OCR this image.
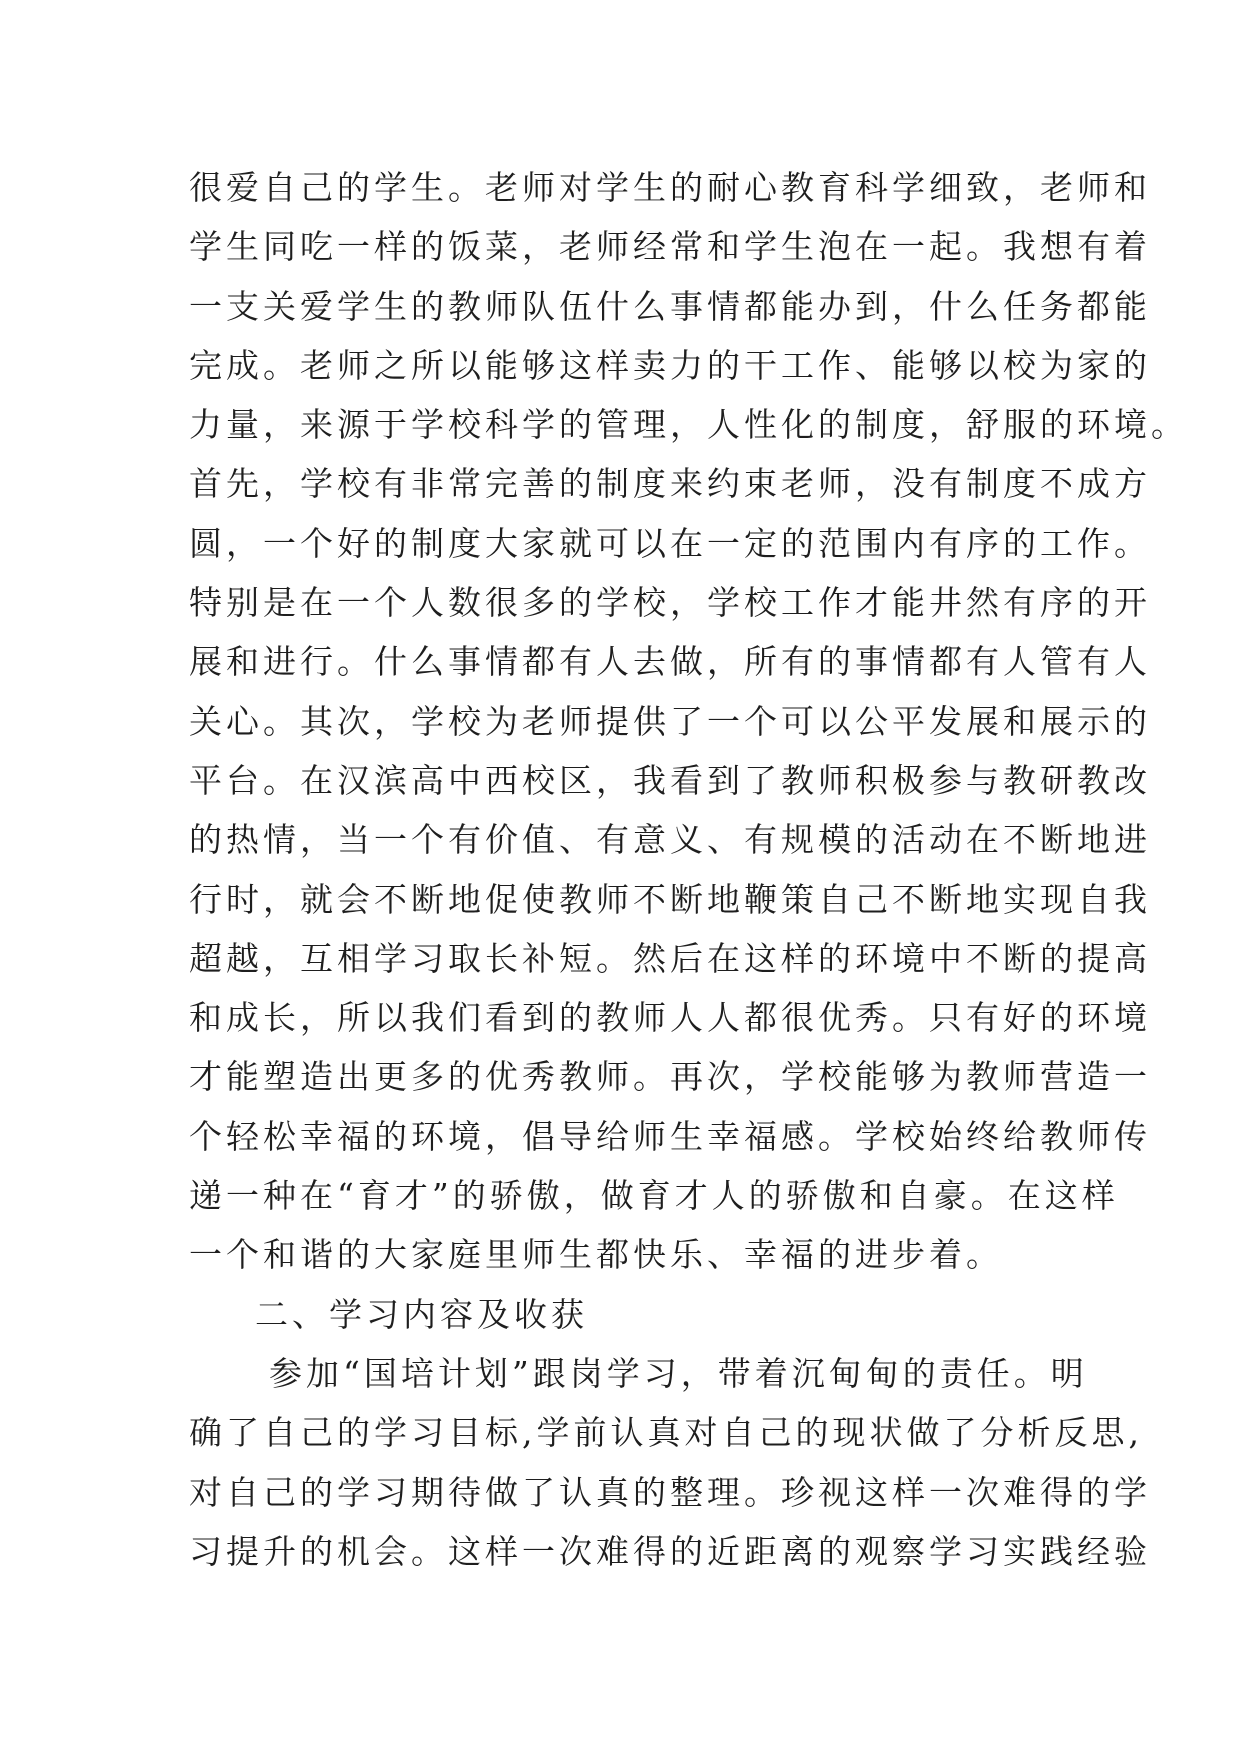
很爱自己的学生。老师对学生的耐心教育科学细致，老师和
学生同吃一样的饭菜，老师经常和学生泡在一起。我想有着
一支关爱学生的教师队伍什么事情都能办到，什么任务都能
完成。老师之所以能够这样卖力的干工作、能够以校为家的
力量，来源于学校科学的管理，人性化的制度，舒服的环境。
首先，学校有非常完善的制度来约束老师，没有制度不成方
圆，一个好的制度大家就可以在一定的范围内有序的工作。
特别是在一个人数很多的学校，学校工作才能井然有序的开
展和进行。什么事情都有人去做，所有的事情都有人管有人
关心。其次，学校为老师提供了一个可以公平发展和展示的
平台。在汉滨高中西校区，我看到了教师积极参与教研教改
的热情，当一个有价值、有意义、有规模的活动在不断地进
行时，就会不断地促使教师不断地鞭策自己不断地实现自我
超越，互相学习取长补短。然后在这样的环境中不断的提高
和成长，所以我们看到的教师人人都很优秀。只有好的环境
才能塑造出更多的优秀教师。再次，学校能够为教师营造一
个轻松幸福的环境，倡导给师生幸福感。学校始终给教师传
递一种在“育才”的骄傲，做育才人的骄傲和自豪。在这样
一个和谐的大家庭里师生都快乐、幸福的进步着。
二、学习内容及收获
参加“国培计划”跟岗学习，带着沉甸甸的责任。明
确了自己的学习目标,学前认真对自己的现状做了分析反思,
对自己的学习期待做了认真的整理。珍视这样一次难得的学
习提升的机会。这样一次难得的近距离的观察学习实践经验
